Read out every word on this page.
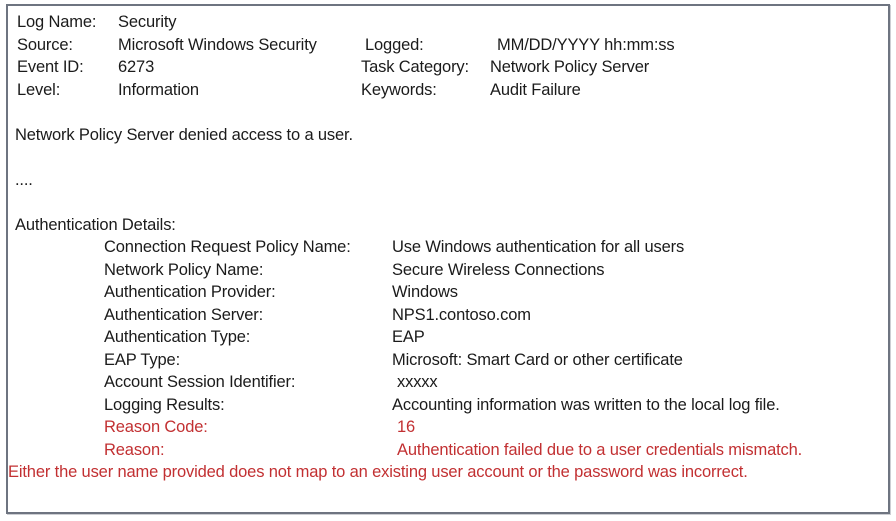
Log Name: Security
Source:	Microsoft Windows Security	Logged:	MM/DD/YYYY hh:mm:ss
Event ID: 6273	Task Category: Network Policy Server
Level:	Information	Keywords:	Audit Failure
Network Policy Server denied access to a user.
....
Authentication Details:
Connection Request Policy Name:	Use Windows authentication for all users
Network Policy Name:	Secure Wireless Connections
Authentication Provider:	Windows
Authentication Server:	NPS1.contoso.com
Authentication Type:	EAP
EAP Type:	Microsoft: Smart Card or other certificate
Account Session Identifier:	xxxxx
Logging Results:	Accounting information was written to the local log file.
Reason Code:	16
Reason:	Authentication failed due to a user credentials mismatch.
Either the user name provided does not map to an existing user account or the password was incorrect.
